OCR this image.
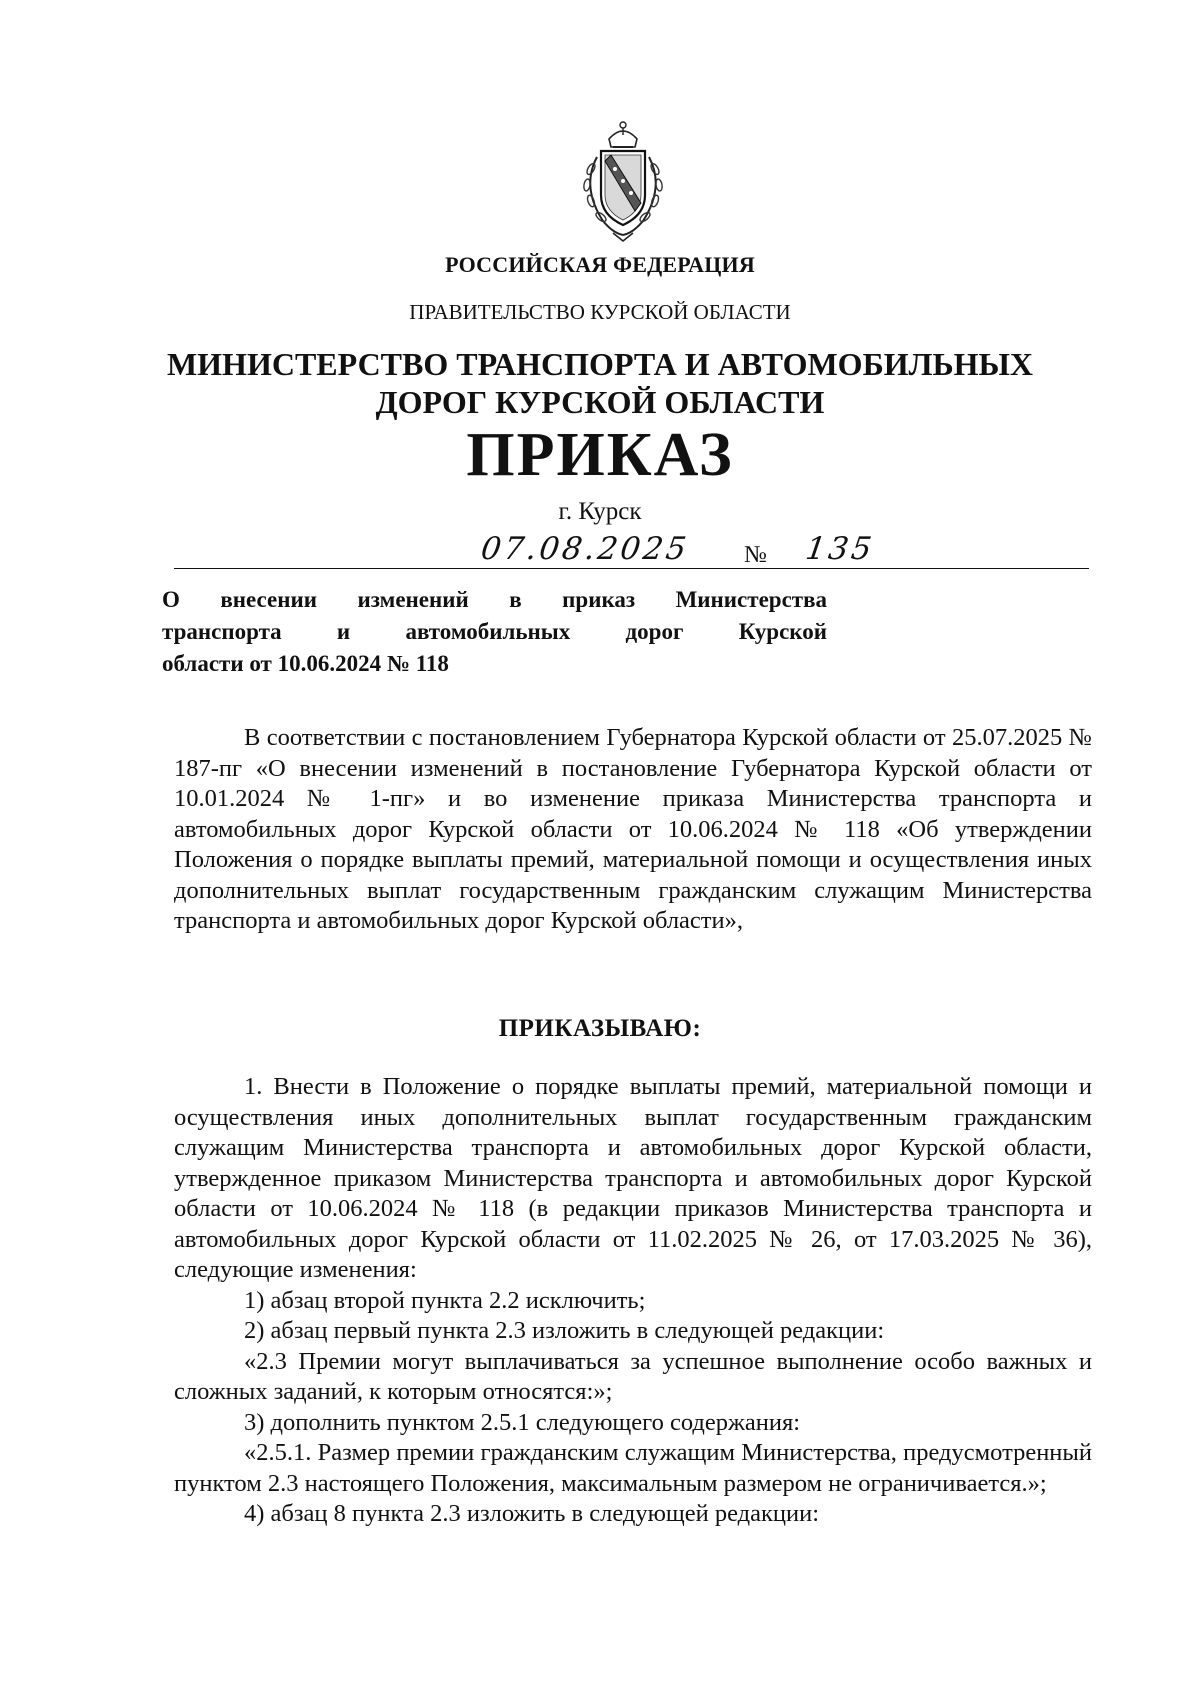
РОССИЙСКАЯ ФЕДЕРАЦИЯ
ПРАВИТЕЛЬСТВО КУРСКОЙ ОБЛАСТИ
МИНИСТЕРСТВО ТРАНСПОРТА И АВТОМОБИЛЬНЫХ
ДОРОГ КУРСКОЙ ОБЛАСТИ
ПРИКАЗ
г. Курск
07.08.2025	№ 135
О внесении изменений в приказ Министерства
транспорта и автомобильных дорог Курской
области от 10.06.2024 № 118

В соответствии с постановлением Губернатора Курской области от 25.07.2025 № 187-пг «О внесении изменений в постановление Губернатора Курской области от 10.01.2024 № 1-пг» и во изменение приказа Министерства транспорта и автомобильных дорог Курской области от 10.06.2024 № 118 «Об утверждении Положения о порядке выплаты премий, материальной помощи и осуществления иных дополнительных выплат государственным гражданским служащим Министерства транспорта и автомобильных дорог Курской области»,

ПРИКАЗЫВАЮ:

1. Внести в Положение о порядке выплаты премий, материальной помощи и осуществления иных дополнительных выплат государственным гражданским служащим Министерства транспорта и автомобильных дорог Курской области, утвержденное приказом Министерства транспорта и автомобильных дорог Курской области от 10.06.2024 № 118 (в редакции приказов Министерства транспорта и автомобильных дорог Курской области от 11.02.2025 № 26, от 17.03.2025 № 36), следующие изменения:

1) абзац второй пункта 2.2 исключить;

2) абзац первый пункта 2.3 изложить в следующей редакции:

«2.3 Премии могут выплачиваться за успешное выполнение особо важных и сложных заданий, к которым относятся:»;

3) дополнить пунктом 2.5.1 следующего содержания:

«2.5.1. Размер премии гражданским служащим Министерства, предусмотренный пунктом 2.3 настоящего Положения, максимальным размером не ограничивается.»;

4) абзац 8 пункта 2.3 изложить в следующей редакции:
